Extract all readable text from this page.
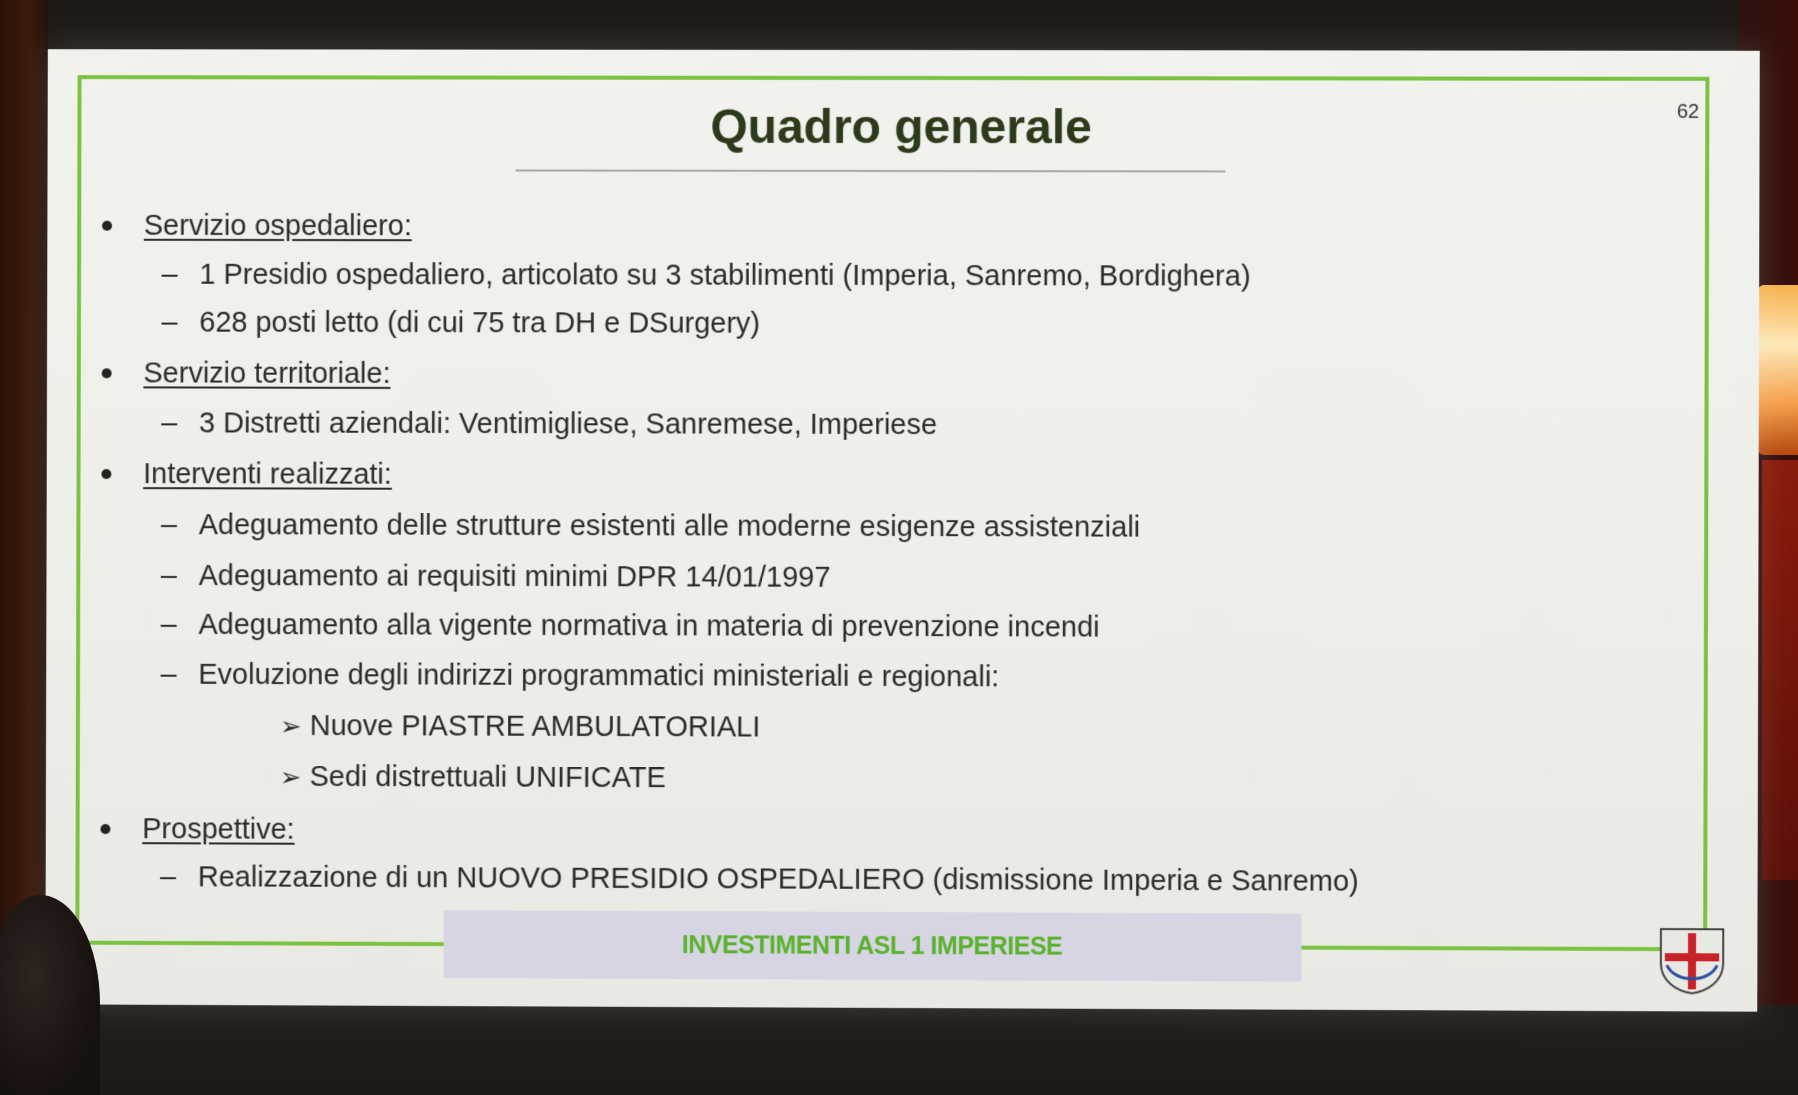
62
Quadro generale
Servizio ospedaliero:
– 1 Presidio ospedaliero, articolato su 3 stabilimenti (Imperia, Sanremo, Bordighera)
– 628 posti letto (di cui 75 tra DH e DSurgery)
Servizio territoriale:
– 3 Distretti aziendali: Ventimigliese, Sanremese, Imperiese
Interventi realizzati:
– Adeguamento delle strutture esistenti alle moderne esigenze assistenziali
– Adeguamento ai requisiti minimi DPR 14/01/1997
– Adeguamento alla vigente normativa in materia di prevenzione incendi
– Evoluzione degli indirizzi programmatici ministeriali e regionali:
➢ Nuove PIASTRE AMBULATORIALI
➢ Sedi distrettuali UNIFICATE
Prospettive:
– Realizzazione di un NUOVO PRESIDIO OSPEDALIERO (dismissione Imperia e Sanremo)
INVESTIMENTI ASL 1 IMPERIESE
